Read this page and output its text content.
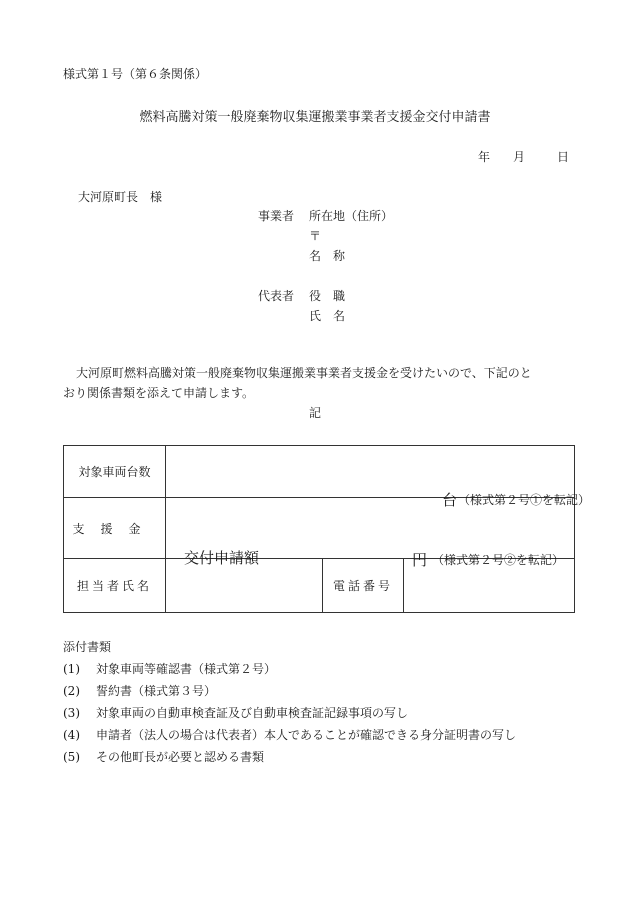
様式第１号（第６条関係）
燃料高騰対策一般廃棄物収集運搬業事業者支援金交付申請書
年 月	日
大河原町長　様
事業者 所在地（住所）
〒
名　称
代表者 役　職
氏　名
大河原町燃料高騰対策一般廃棄物収集運搬業事業者支援金を受けたいので、下記のと
おり関係書類を添えて申請します。
記
対象車両台数	台 （様式第２号①を転記）		

支援金	交付申請額 円 （様式第２号②を転記）		

担当者氏名		電話番号	
添付書類
(1) 対象車両等確認書（様式第２号）
(2) 誓約書（様式第３号）
(3) 対象車両の自動車検査証及び自動車検査証記録事項の写し
(4) 申請者（法人の場合は代表者）本人であることが確認できる身分証明書の写し
(5) その他町長が必要と認める書類
